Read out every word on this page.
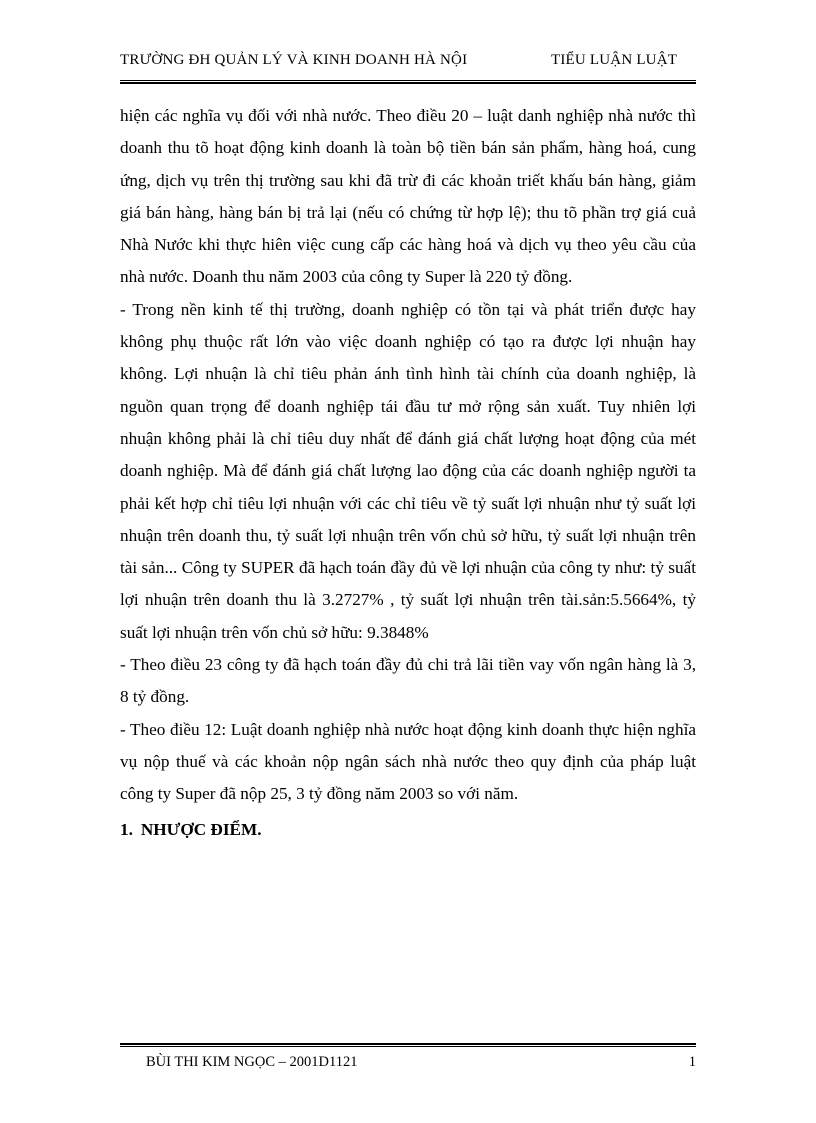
TRƯỜNG ĐH QUẢN LÝ VÀ KINH DOANH HÀ NỘI	TIỂU LUẬN LUẬT

hiện các nghĩa vụ đối với nhà nước. Theo điều 20 – luật danh nghiệp nhà nước thì doanh thu tõ hoạt động kinh doanh là toàn bộ tiền bán sản phẩm, hàng hoá, cung ứng, dịch vụ trên thị trường sau khi đã trừ đi các khoản triết khấu bán hàng, giảm giá bán hàng, hàng bán bị trả lại (nếu có chứng từ hợp lệ); thu tõ phần trợ giá cuả Nhà Nước khi thực hiên việc cung cấp các hàng hoá và dịch vụ theo yêu cầu của nhà nước. Doanh thu năm 2003 của công ty Super là 220 tỷ đồng.

- Trong nền kinh tế thị trường, doanh nghiệp có tồn tại và phát triển được hay không phụ thuộc rất lớn vào việc doanh nghiệp có tạo ra được lợi nhuận hay không. Lợi nhuận là chỉ tiêu phản ánh tình hình tài chính của doanh nghiệp, là nguồn quan trọng để doanh nghiệp tái đầu tư mở rộng sản xuất. Tuy nhiên lợi nhuận không phải là chỉ tiêu duy nhất để đánh giá chất lượng hoạt động của mét doanh nghiệp. Mà để đánh giá chất lượng lao động của các doanh nghiệp người ta phải kết hợp chỉ tiêu lợi nhuận với các chỉ tiêu về tỷ suất lợi nhuận như tỷ suất lợi nhuận trên doanh thu, tỷ suất lợi nhuận trên vốn chủ sở hữu, tỷ suất lợi nhuận trên tài sản... Công ty SUPER đã hạch toán đầy đủ về lợi nhuận của công ty như: tỷ suất lợi nhuận trên doanh thu là 3.2727% , tỷ suất lợi nhuận trên tài.sản:5.5664%, tỷ suất lợi nhuận trên vốn chủ sở hữu: 9.3848%

- Theo điều 23 công ty đã hạch toán đầy đủ chi trả lãi tiền vay vốn ngân hàng là 3, 8 tỷ đồng.

- Theo điều 12: Luật doanh nghiệp nhà nước hoạt động kinh doanh thực hiện nghĩa vụ nộp thuế và các khoản nộp ngân sách nhà nước theo quy định của pháp luật công ty Super đã nộp 25, 3 tỷ đồng năm 2003 so với năm.

1. NHƯỢC ĐIỂM.
BÙI THI KIM NGỌC – 2001D1121	1
